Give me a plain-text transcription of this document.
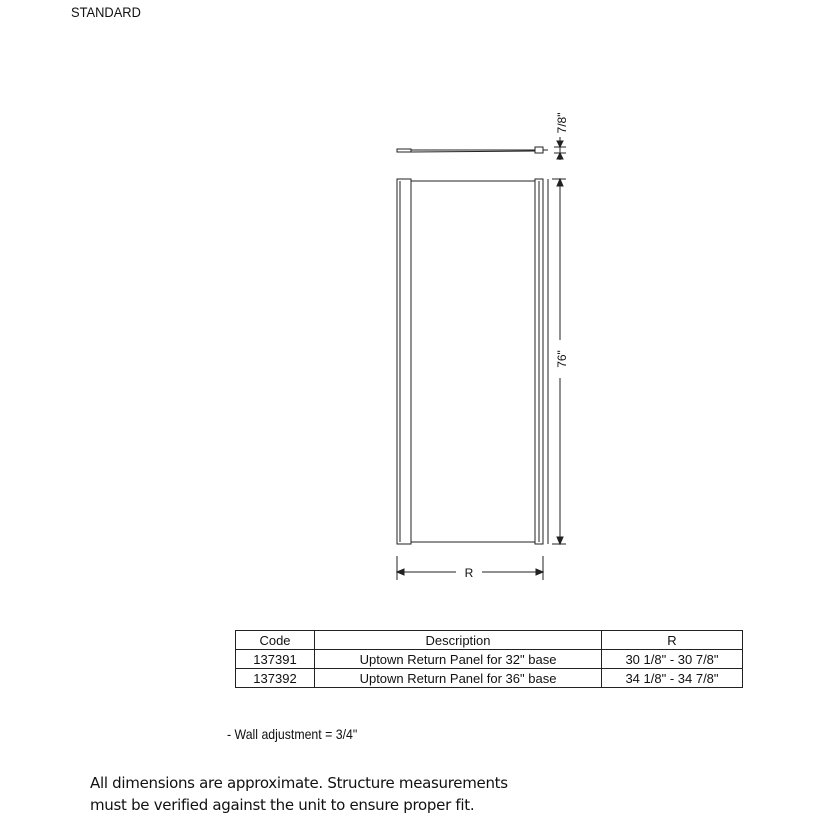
STANDARD
7/8"
76"
R
Code	Description	R
137391	Uptown Return Panel for 32" base	30 1/8" - 30 7/8"
137392	Uptown Return Panel for 36" base	34 1/8" - 34 7/8"
- Wall adjustment = 3/4"
All dimensions are approximate. Structure measurements
must be verified against the unit to ensure proper fit.
